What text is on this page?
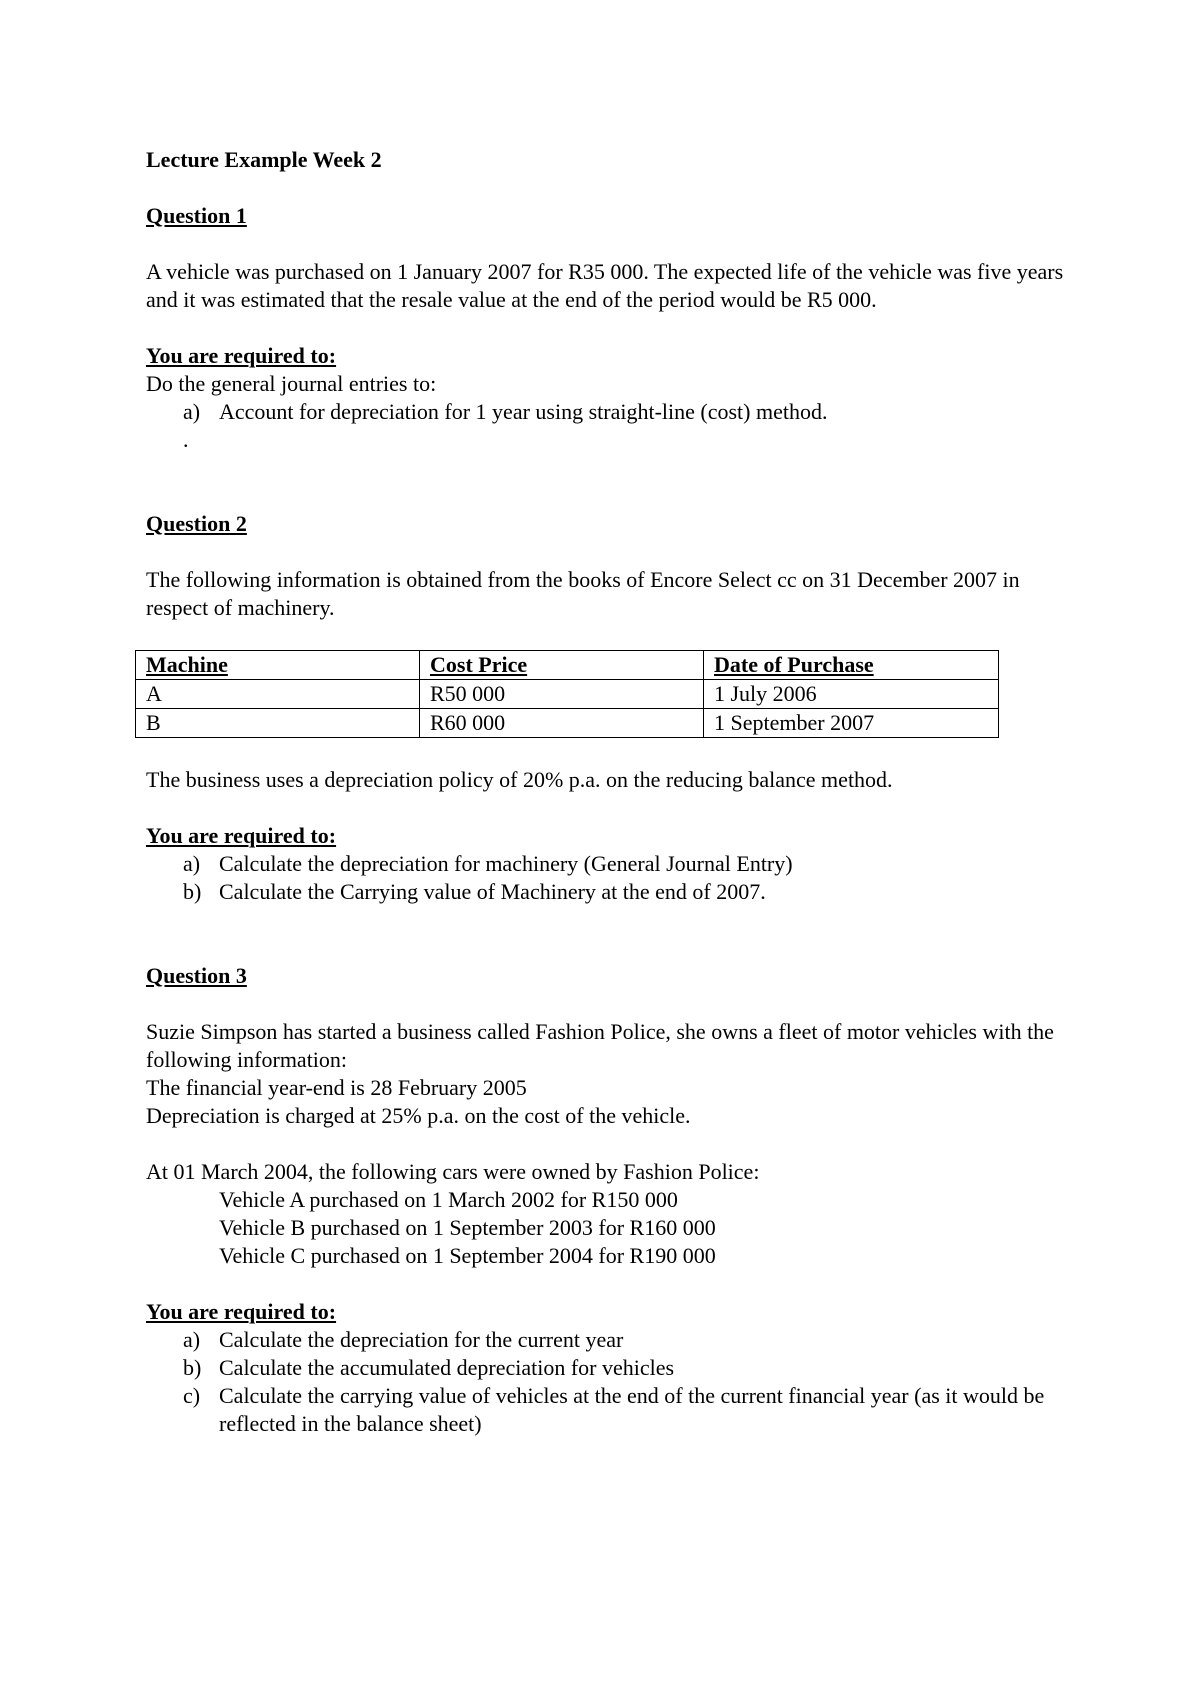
Lecture Example Week 2
Question 1
A vehicle was purchased on 1 January 2007 for R35 000. The expected life of the vehicle was five years and it was estimated that the resale value at the end of the period would be R5 000.
You are required to:
Do the general journal entries to:
a) Account for depreciation for 1 year using straight-line (cost) method.
.
Question 2
The following information is obtained from the books of Encore Select cc on 31 December 2007 in respect of machinery.
Machine	Cost Price	Date of Purchase
A	R50 000	1 July 2006
B	R60 000	1 September 2007
The business uses a depreciation policy of 20% p.a. on the reducing balance method.
You are required to:
a) Calculate the depreciation for machinery (General Journal Entry)
b) Calculate the Carrying value of Machinery at the end of 2007.
Question 3
Suzie Simpson has started a business called Fashion Police, she owns a fleet of motor vehicles with the following information:
The financial year-end is 28 February 2005
Depreciation is charged at 25% p.a. on the cost of the vehicle.
At 01 March 2004, the following cars were owned by Fashion Police:
Vehicle A purchased on 1 March 2002 for R150 000
Vehicle B purchased on 1 September 2003 for R160 000
Vehicle C purchased on 1 September 2004 for R190 000
You are required to:
a) Calculate the depreciation for the current year
b) Calculate the accumulated depreciation for vehicles
c) Calculate the carrying value of vehicles at the end of the current financial year (as it would be reflected in the balance sheet)
